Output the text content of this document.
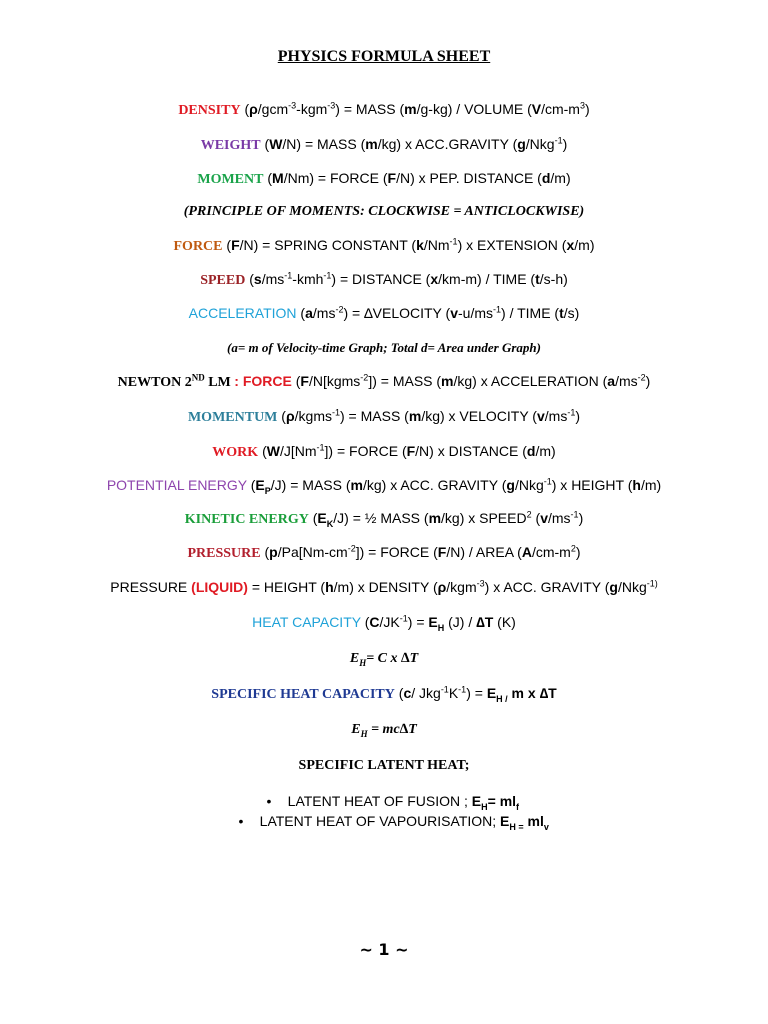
PHYSICS FORMULA SHEET
DENSITY (ρ/gcm$^{-3}$-kgm$^{-3}$) = MASS (m/g-kg) / VOLUME $(V/cm-m^3)$
WEIGHT (W/N) = MASS (m/kg) x ACC.GRAVITY (g/Nkg$^{-1}$)
MOMENT (M/Nm) = FORCE (F/N) x PEP. DISTANCE (d/m)
(PRINCIPLE OF MOMENTS: CLOCKWISE = ANTICLOCKWISE)
FORCE (F/N) = SPRING CONSTANT $(k/Nm^{-1})$ x EXTENSION (x/m)
SPEED $(s/ms^{-1}-kmh^{-1})$ = DISTANCE (x/km-m) / TIME (t/s-h)
ACCELERATION $(a/ms^{-2})$ = ∆VELOCITY $(v-u/ms^{-1})$ / TIME (t/s)
(a= m of Velocity-time Graph; Total d= Area under Graph)
NEWTON 2ND LM : FORCE (F/N[kgms$^{-2}$]) = MASS (m/kg) x ACCELERATION $(a/ms^{-2})$
MOMENTUM (ρ/kgms$^{-1}$) = MASS (m/kg) x VELOCITY $(v/ms^{-1})$
WORK $(W/J[Nm^{-1}])$ = FORCE (F/N) x DISTANCE (d/m)
POTENTIAL ENERGY $(E_P/J)$ = MASS (m/kg) x ACC. GRAVITY (g/Nkg$^{-1}$) x HEIGHT (h/m)
KINETIC ENERGY $(E_K/J)$ = ½ MASS (m/kg) x SPEED$^2$ $(v/ms^{-1})$
PRESSURE $(p/Pa[Nm-cm^{-2}])$ = FORCE (F/N) / AREA $(A/cm-m^2)$
PRESSURE (LIQUID) = HEIGHT (h/m) x DENSITY (ρ/kgm$^{-3}$) x ACC. GRAVITY (g/Nkg$^{-1)}$
HEAT CAPACITY $(C/JK^{-1}) = E_H$ (J) / ∆T (K)
$E_H= C$ x ∆T
SPECIFIC HEAT CAPACITY (c/ $Jkg^{-1}K^{-1}) = E_{H /}$ m x ∆T
$E_H = mc\Delta T$
SPECIFIC LATENT HEAT;
• LATENT HEAT OF FUSION ; $E_H= ml_f$
• LATENT HEAT OF VAPOURISATION; $E_{H =}$ $ml_v$
~ 1 ~
